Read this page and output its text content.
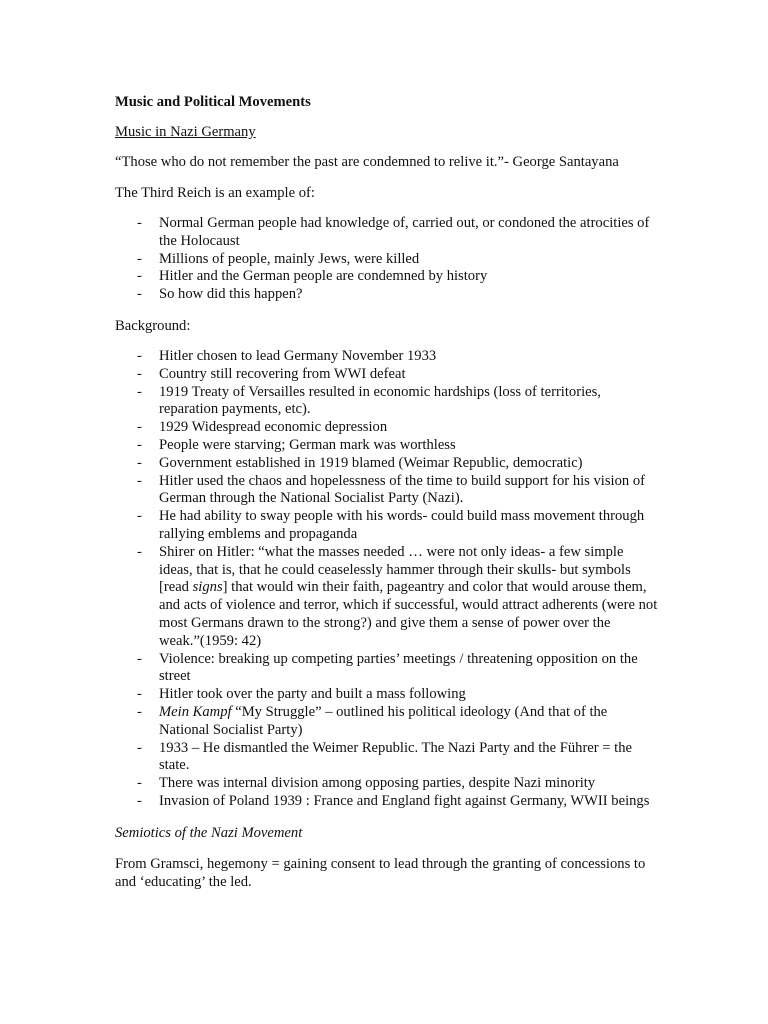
Music and Political Movements
Music in Nazi Germany
“Those who do not remember the past are condemned to relive it.”- George Santayana
The Third Reich is an example of:
- Normal German people had knowledge of, carried out, or condoned the atrocities of the Holocaust
- Millions of people, mainly Jews, were killed
- Hitler and the German people are condemned by history
- So how did this happen?
Background:
- Hitler chosen to lead Germany November 1933
- Country still recovering from WWI defeat
- 1919 Treaty of Versailles resulted in economic hardships (loss of territories, reparation payments, etc).
- 1929 Widespread economic depression
- People were starving; German mark was worthless
- Government established in 1919 blamed (Weimar Republic, democratic)
- Hitler used the chaos and hopelessness of the time to build support for his vision of German through the National Socialist Party (Nazi).
- He had ability to sway people with his words- could build mass movement through rallying emblems and propaganda
- Shirer on Hitler: “what the masses needed … were not only ideas- a few simple ideas, that is, that he could ceaselessly hammer through their skulls- but symbols [read signs] that would win their faith, pageantry and color that would arouse them, and acts of violence and terror, which if successful, would attract adherents (were not most Germans drawn to the strong?) and give them a sense of power over the weak.”(1959: 42)
- Violence: breaking up competing parties’ meetings / threatening opposition on the street
- Hitler took over the party and built a mass following
- Mein Kampf “My Struggle” – outlined his political ideology (And that of the National Socialist Party)
- 1933 – He dismantled the Weimer Republic. The Nazi Party and the Führer = the state.
- There was internal division among opposing parties, despite Nazi minority
- Invasion of Poland 1939 : France and England fight against Germany, WWII beings
Semiotics of the Nazi Movement
From Gramsci, hegemony = gaining consent to lead through the granting of concessions to and ‘educating’ the led.
